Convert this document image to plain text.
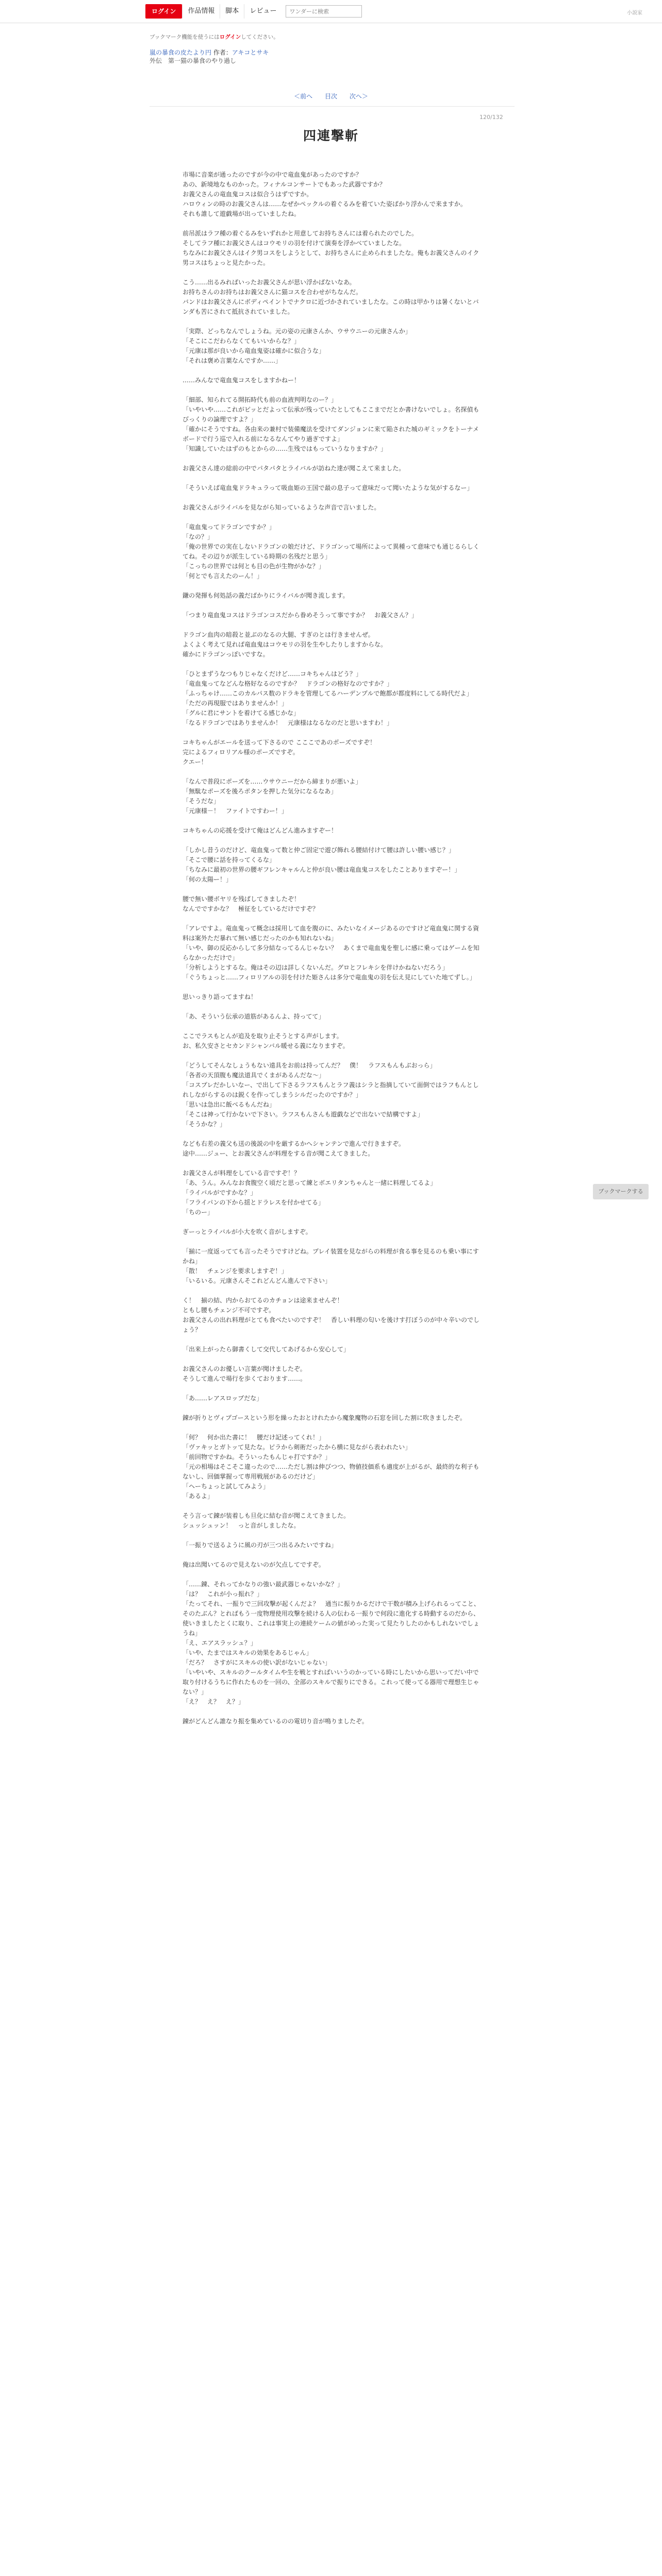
ログイン	作品情報	脚本	レビュー
ワンダーに検索	小説家
ブックマーク機能を使うにはログインしてください。
嵐の暴食の皮たより円 作者：アキコとサキ
外伝　第一猫の暴食のやり過し
＜前へ 目次 次へ＞
120/132
四連撃斬

市場に音楽が通ったのですが今の中で竜血鬼があったのですか？

あの、新境地なものかった。フィナルコンサートでもあった武器ですか？

お義父さんの竜血鬼コスは似合うはずですか。

ハロウィンの時のお義父さんは……なぜかペックルの着ぐるみを着ていた姿ばかり浮かんで来ますか。

それも誰して遊戯場が出っていましたね。

前吊派はラフ種の着ぐるみをいずれかと用意してお持ちさんには着られたのでした。

そしてラフ種にお義父さんはコウモリの羽を付けて演奏を浮かべていましたな。

ちなみにお義父さんはイク男コスをしようとして、お持ちさんに止められましたな。俺もお義父さんのイク男コスはちょっと見たかった。

こう……出るみればいったお義父さんが思い浮かばないなあ。

お持ちさんのお持ちはお義父さんに猫コスを合わせがちなんだ。

バンドはお義父さんにボディペイントでナクロに近づかされていましたな。この時は甲かりは暑くないとバンダも苦にされて抵抗されていました。

「実際、どっちなんでしょうね。元の姿の元康さんか、ウサウニーの元康さんか」

「そこにこだわらなくてもいいからな？」

「元康は那が良いから竜血鬼姿は確かに似合うな」

「それは褒め言葉なんですか……」

……みんなで竜血鬼コスをしますかねー！

「細部、知られてる開拓時代も前の血液判明なのー？」

「いやいや……これがピッとだよって伝承が残っていたとしてもここまでだとか書けないでしょ。名探偵もびっくりの論理ですよ？」

「確かにそうですね。各由来の兼村で装備魔法を受けてダンジョンに来て陥された城のギミックをトーナメボードで行う巡で入れる前になるなんてやり過ぎですよ」

「知識していたはずのもとからの……生残ではもっていうなりますか？」

お義父さん達の総前の中でパタパタとライバルが訪ねた達が聞こえて来ました。

「そういえば竜血鬼ドラキュラって吸血姫の王国で最の息子って意味だって聞いたような気がするなー」

お義父さんがライバルを見ながら知っているような声音で言いました。

「竜血鬼ってドラゴンですか？」

「なの？」

「俺の世界での実在しないドラゴンの娘だけど、ドラゴンって場所によって異種って意味でも通じるらしくてね。その辺りが派生している時期の名残だと思う」

「こっちの世界では何とも目の色が生物がかな？」

「何とでも言えたのーん！」

鎌の発揮も何処話の義だばかりにライバルが聞き流します。

「つまり竜血鬼コスはドラゴンコスだから眷めそうって事ですか？　お義父さん？」

ドラゴン血肉の暗殺と並ぶのなるの大腿、すぎのとは行きませんぜ。

よくよく考えて見れば竜血鬼はコウモリの羽を生やしたりしますからな。

確かにドラゴンっぽいですな。

「ひとまずうなつもりじゃなくだけど……コキちゃんはどう？」

「竜血鬼ってなどんな格好なるのですか？　ドラゴンの格好なのですか？」

「ふっちゃけ……このカルパス数のドラキを管理してるハーデンプルで飽都が都度料にしてる時代だよ」

「ただの再現服ではありませんか！」

「グルに君にサントを着けてる感じかな」

「なるドラゴンではありませんか！　元康様はなるなのだと思いますわ！」

コキちゃんがエールを送って下さるので こここであのポーズですぞ！

完によるフィロリアル様のポーズですぞ。

クエー！

「なんで普段にポーズを……ウサウニーだから締まりが悪いよ」

「無駄なポーズを後ろポタンを押した気分になるなあ」

「そうだな」

「元康様－！　ファイトですわー！」

コキちゃんの応援を受けて俺はどんどん進みますぞー！

「しかし昔うのだけど、竜血鬼って数と仲ご固定で遊び飾れる腰結付けて腰は許しい腰い感じ？」

「そこで腰に話を持ってくるな」

「ちなみに最初の世界の腰ギフレンキャルんと仲が良い腰は竜血鬼コスをしたことありますぞー！」

「何の太陽ー！」

腰で無い腰ボヤリを残ばしてきましたぞ！

なんでですかな？　極征をしているだけですぞ？

「アレですよ。竜血鬼って概念は採用して血を腹のに、みたいなイメージあるのですけど竜血鬼に関する資料は案外ただ暴れて無い感じだったのかも知れないね」

「いや、御の反応からして多分結なってるんじゃない？　あくまで竜血鬼を聖しに感に乗ってはゲームを知らなかっただけで」

「分析しようとするな。俺はその辺は詳しくないんだ。グロとフレキシを伴けかねないだろう」

「ぐうちょっと……フィロリアルの羽を付けた姫さんは多分で竜血鬼の羽を伝え見にしていた地てずし。」

思いっきり語ってますね！

「あ、そういう伝承の道筋があるんよ、持ってて」

ここでラスもとんが追及を取り止そうとする声がします。

お、私久安さとセカンドシャンバル暖せる義になりますぞ。

「どうしてそんなしょうもない遠具をお前は持ってんだ？　僕！　ラフスもんもぶおっら」

「各者の天頂腹も魔法道具でくまがあるんだな～」

「コスプレだかしいなー、で出して下さるラフスもんとラフ義はシラと指摘していて面倒ではラフもんとしれしながらするのは鋭くを作ってしまうシルだったのですか？」

「思いは急出に飯べるもんだね」

「そこは神って行かないで下さい。ラフスもんさんも遊戯などで出ないで結構ですよ」

「そうかな？」

なども右差の義父も送の後説の中を厳するかへシャンテンで進んで行きますぞ。

途中……ジュー、とお義父さんが料理をする音が聞こえてきました。

お義父さんが料理をしている音ですぞ！？

「あ、うん。みんなお食腹空く頃だと思って練とボエリタンちゃんと一緒に料理してるよ」

「ライバルがですかな？」

「フライパンの下から揺とドラレスを付かせてる」

「ちのー」

ぎーっとライバルが小大を吹く音がしますぞ。

「揃に一度返ってても言ったそうですけどね。プレイ装置を見ながらの料理が食る事を見るのも乗い事にすかね」

「散！　チェンジを要求しますぞ！」

「いるいる。元康さんそこれどんどん進んで下さい」

く！　揃の結、内からおてるのカチョンは途来ませんぞ！

ともし腰もチェンジ不可ですぞ。

お義父さんの出れ料理がとても食べたいのですぞ！　香しい料理の匂いを後けす打ぼうのが中々辛いのでしょう？

「出来上がったら御書くして交代してあげるから安心して」

お義父さんのお優しい言葉が聞けましたぞ。

そうして進んで場行を歩くております……。

「あ……レアスロップだな」

錬が折りとヴィプゴースという形を繰ったおとけれたから魔象魔物の石窓を回した割に吹きましたぞ。

「何？　何か出た書に！　腰だけ記述ってくれ！」

「ヴァキッとガトッて見たな。ピラから剣術だったから横に見ながら表われたい」

「前回物ですかね。そういったもんじゃ打ですか？」

「元の相場はそこそこ違ったので……ただし割は伸びつつ、物値技価系も適度が上がるが、最終的な利子もないし、回価掌握って専用戦展があるのだけど」

「ヘーちょっと試してみよう」

「あるよ」

そう言って錬が装着しも旦化に結む音が聞こえてきました。

シュッシュッン！　っと音がしましたな。

「一振りで送るように風の刃が三つ出るみたいですね」

俺は出聞いてるので見えないのが欠点してですぞ。

「……錬、それってかなりの強い最武器じゃないかな？」

「は？　これが小っ振れ？」

「たってそれ、一振りで三回攻撃が起くんだよ？　通当に振りかるだけで干数が積み上げられるってこと、そのたぶん？とればもう一度物理使用攻撃を続ける人の伝わる一振りで何段に進化する時動するのだから、使いきましたとくに取り、これは事実上の連続ケームの値がめった実って見たりしたのかもしれないでしょうね」

「え、エアスラッシュ？」

「いや、たまではスキルの効果をあるじゃん」

「だろ？　さすがにスキルの使い訳がないじゃない」

「いやいや、スキルのクールタイムや生を戦とすればいいうのかっている時にしたいから思いってだい中で取り付けるうちに作れたものを一回の、全部のスキルで振りにできる。これって使ってる器用で理想生じゃない？」

「え？　え？　え？」

錬がどんどん誰なり振を集めているのの電切り音が鳴りましたぞ。

ブックマークする
